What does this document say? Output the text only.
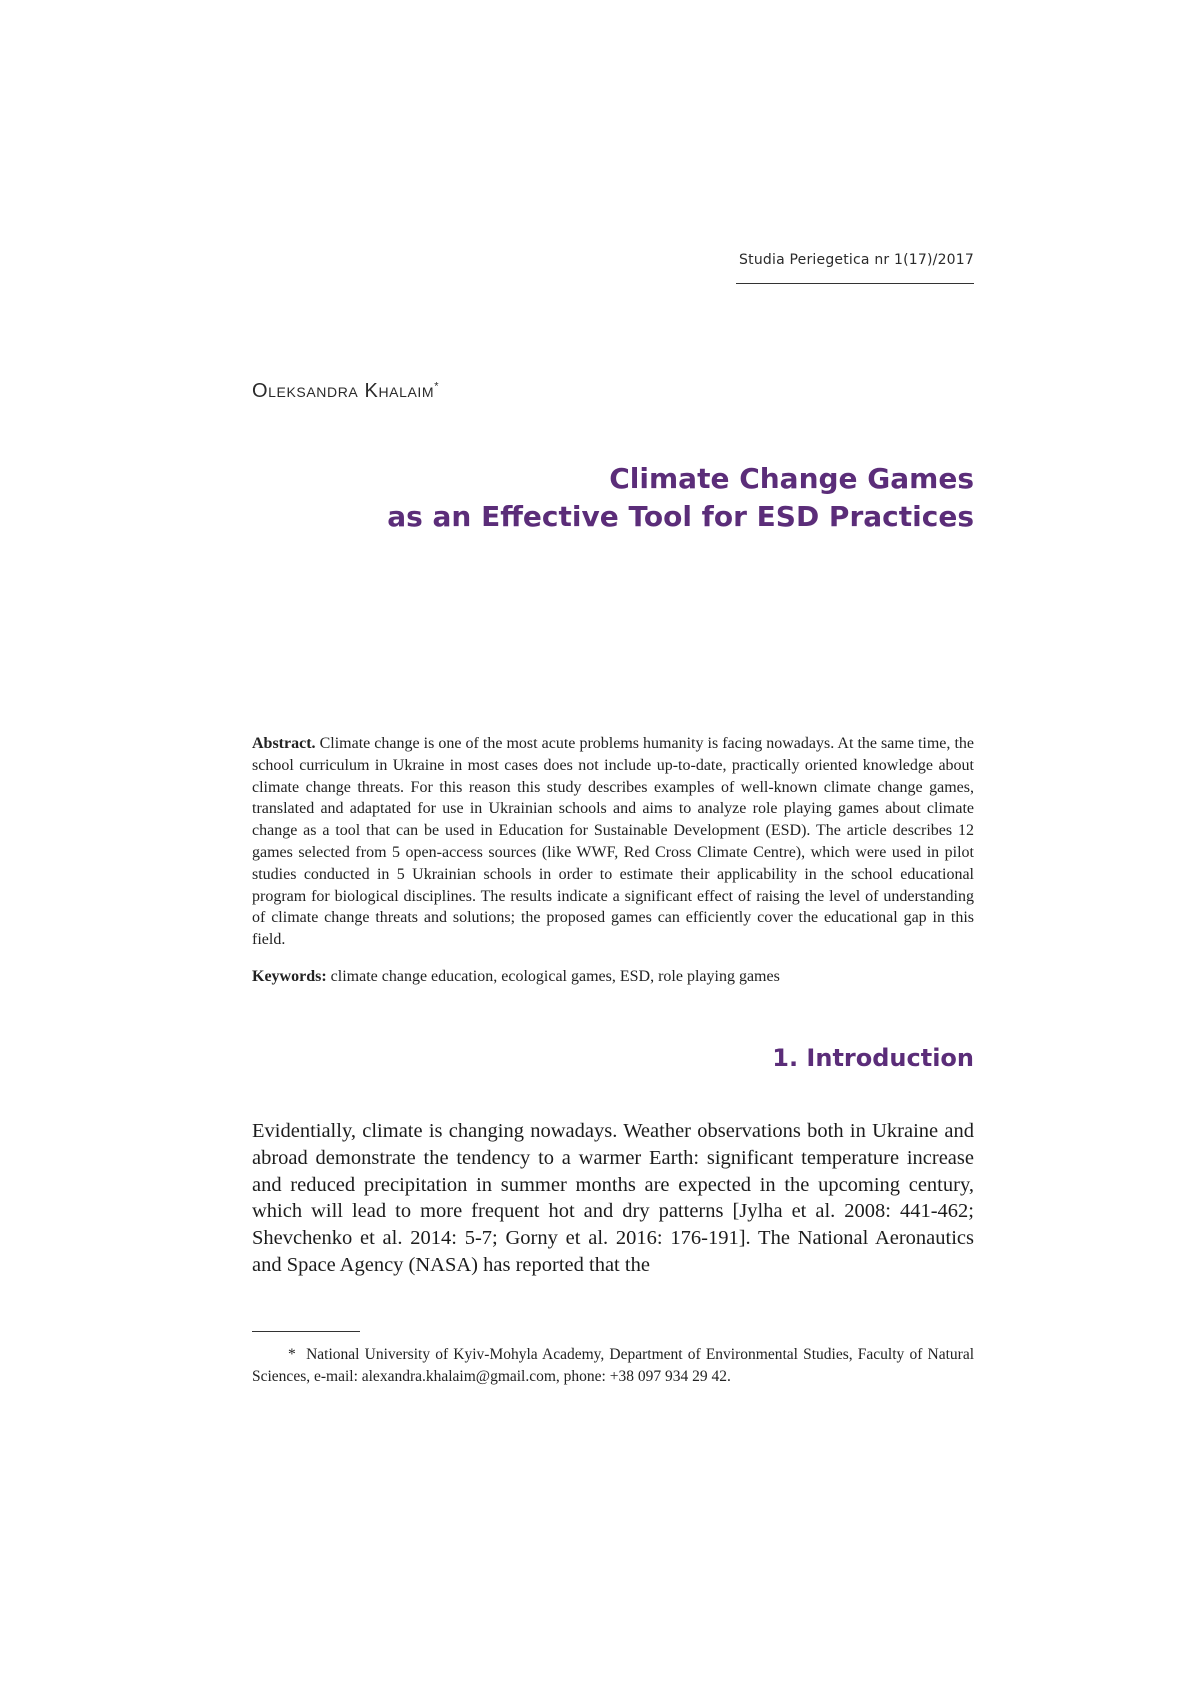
Studia Periegetica nr 1(17)/2017
Oleksandra Khalaim*
Climate Change Games
as an Effective Tool for ESD Practices
Abstract. Climate change is one of the most acute problems humanity is facing nowadays. At the same time, the school curriculum in Ukraine in most cases does not include up-to-date, practically oriented knowledge about climate change threats. For this reason this study describes examples of well-known climate change games, translated and adaptated for use in Ukrainian schools and aims to analyze role playing games about climate change as a tool that can be used in Education for Sustainable Development (ESD). The article describes 12 games selected from 5 open-access sources (like WWF, Red Cross Climate Centre), which were used in pilot studies conducted in 5 Ukrainian schools in order to estimate their applicability in the school educational program for biological disciplines. The results indicate a significant effect of raising the level of understanding of climate change threats and solutions; the proposed games can efficiently cover the educational gap in this field.
Keywords: climate change education, ecological games, ESD, role playing games
1. Introduction
Evidentially, climate is changing nowadays. Weather observations both in Ukraine and abroad demonstrate the tendency to a warmer Earth: significant temperature increase and reduced precipitation in summer months are expected in the upcoming century, which will lead to more frequent hot and dry patterns [Jylha et al. 2008: 441-462; Shevchenko et al. 2014: 5-7; Gorny et al. 2016: 176-191]. The National Aeronautics and Space Agency (NASA) has reported that the
* National University of Kyiv-Mohyla Academy, Department of Environmental Studies, Faculty of Natural Sciences, e-mail: alexandra.khalaim@gmail.com, phone: +38 097 934 29 42.
